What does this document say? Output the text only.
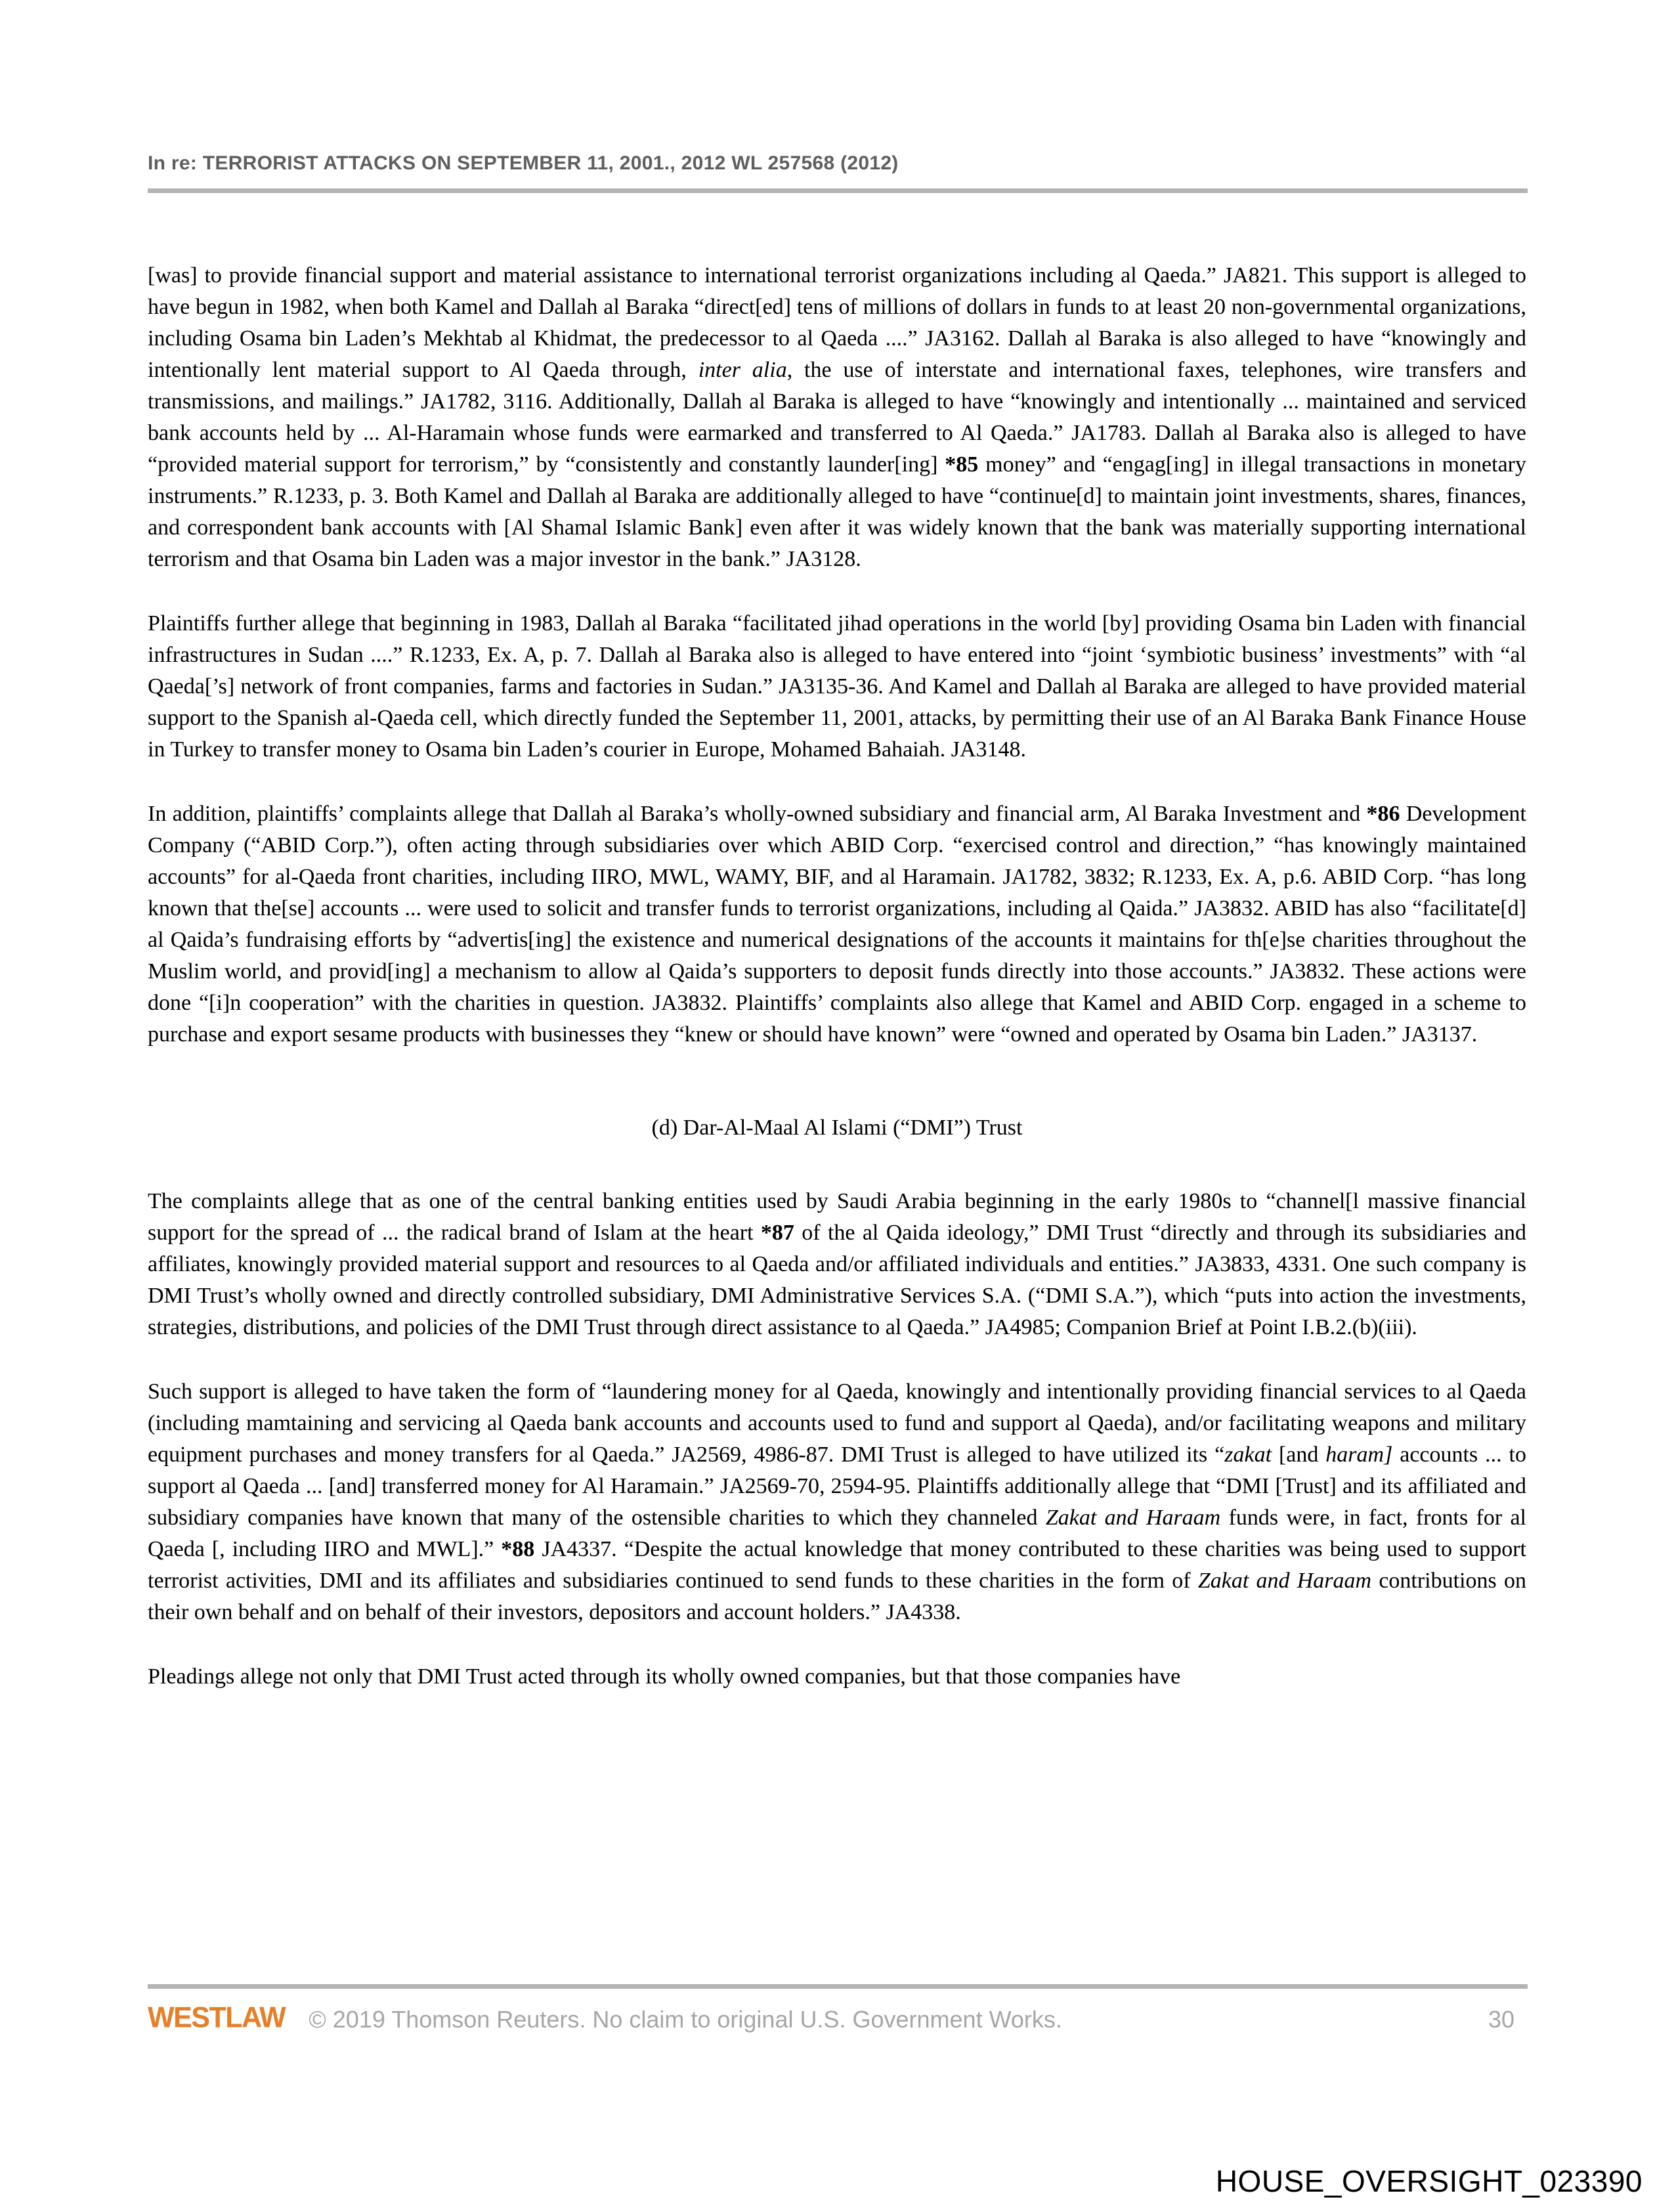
In re: TERRORIST ATTACKS ON SEPTEMBER 11, 2001., 2012 WL 257568 (2012)

[was] to provide financial support and material assistance to international terrorist organizations including al Qaeda.” JA821. This support is alleged to have begun in 1982, when both Kamel and Dallah al Baraka “direct[ed] tens of millions of dollars in funds to at least 20 non-governmental organizations, including Osama bin Laden’s Mekhtab al Khidmat, the predecessor to al Qaeda ....” JA3162. Dallah al Baraka is also alleged to have “knowingly and intentionally lent material support to Al Qaeda through, inter alia, the use of interstate and international faxes, telephones, wire transfers and transmissions, and mailings.” JA1782, 3116. Additionally, Dallah al Baraka is alleged to have “knowingly and intentionally ... maintained and serviced bank accounts held by ... Al-Haramain whose funds were earmarked and transferred to Al Qaeda.” JA1783. Dallah al Baraka also is alleged to have “provided material support for terrorism,” by “consistently and constantly launder[ing] *85 money” and “engag[ing] in illegal transactions in monetary instruments.” R.1233, p. 3. Both Kamel and Dallah al Baraka are additionally alleged to have “continue[d] to maintain joint investments, shares, finances, and correspondent bank accounts with [Al Shamal Islamic Bank] even after it was widely known that the bank was materially supporting international terrorism and that Osama bin Laden was a major investor in the bank.” JA3128.

Plaintiffs further allege that beginning in 1983, Dallah al Baraka “facilitated jihad operations in the world [by] providing Osama bin Laden with financial infrastructures in Sudan ....” R.1233, Ex. A, p. 7. Dallah al Baraka also is alleged to have entered into “joint ‘symbiotic business’ investments” with “al Qaeda[’s] network of front companies, farms and factories in Sudan.” JA3135-36. And Kamel and Dallah al Baraka are alleged to have provided material support to the Spanish al-Qaeda cell, which directly funded the September 11, 2001, attacks, by permitting their use of an Al Baraka Bank Finance House in Turkey to transfer money to Osama bin Laden’s courier in Europe, Mohamed Bahaiah. JA3148.

In addition, plaintiffs’ complaints allege that Dallah al Baraka’s wholly-owned subsidiary and financial arm, Al Baraka Investment and *86 Development Company (“ABID Corp.”), often acting through subsidiaries over which ABID Corp. “exercised control and direction,” “has knowingly maintained accounts” for al-Qaeda front charities, including IIRO, MWL, WAMY, BIF, and al Haramain. JA1782, 3832; R.1233, Ex. A, p.6. ABID Corp. “has long known that the[se] accounts ... were used to solicit and transfer funds to terrorist organizations, including al Qaida.” JA3832. ABID has also “facilitate[d] al Qaida’s fundraising efforts by “advertis[ing] the existence and numerical designations of the accounts it maintains for th[e]se charities throughout the Muslim world, and provid[ing] a mechanism to allow al Qaida’s supporters to deposit funds directly into those accounts.” JA3832. These actions were done “[i]n cooperation” with the charities in question. JA3832. Plaintiffs’ complaints also allege that Kamel and ABID Corp. engaged in a scheme to purchase and export sesame products with businesses they “knew or should have known” were “owned and operated by Osama bin Laden.” JA3137.

(d) Dar-Al-Maal Al Islami (“DMI”) Trust

The complaints allege that as one of the central banking entities used by Saudi Arabia beginning in the early 1980s to “channel[l massive financial support for the spread of ... the radical brand of Islam at the heart *87 of the al Qaida ideology,” DMI Trust “directly and through its subsidiaries and affiliates, knowingly provided material support and resources to al Qaeda and/or affiliated individuals and entities.” JA3833, 4331. One such company is DMI Trust’s wholly owned and directly controlled subsidiary, DMI Administrative Services S.A. (“DMI S.A.”), which “puts into action the investments, strategies, distributions, and policies of the DMI Trust through direct assistance to al Qaeda.” JA4985; Companion Brief at Point I.B.2.(b)(iii).

Such support is alleged to have taken the form of “laundering money for al Qaeda, knowingly and intentionally providing financial services to al Qaeda (including mamtaining and servicing al Qaeda bank accounts and accounts used to fund and support al Qaeda), and/or facilitating weapons and military equipment purchases and money transfers for al Qaeda.” JA2569, 4986-87. DMI Trust is alleged to have utilized its “zakat [and haram] accounts ... to support al Qaeda ... [and] transferred money for Al Haramain.” JA2569-70, 2594-95. Plaintiffs additionally allege that “DMI [Trust] and its affiliated and subsidiary companies have known that many of the ostensible charities to which they channeled Zakat and Haraam funds were, in fact, fronts for al Qaeda [, including IIRO and MWL].” *88 JA4337. “Despite the actual knowledge that money contributed to these charities was being used to support terrorist activities, DMI and its affiliates and subsidiaries continued to send funds to these charities in the form of Zakat and Haraam contributions on their own behalf and on behalf of their investors, depositors and account holders.” JA4338.

Pleadings allege not only that DMI Trust acted through its wholly owned companies, but that those companies have

WESTLAW © 2019 Thomson Reuters. No claim to original U.S. Government Works.	30
HOUSE_OVERSIGHT_023390
